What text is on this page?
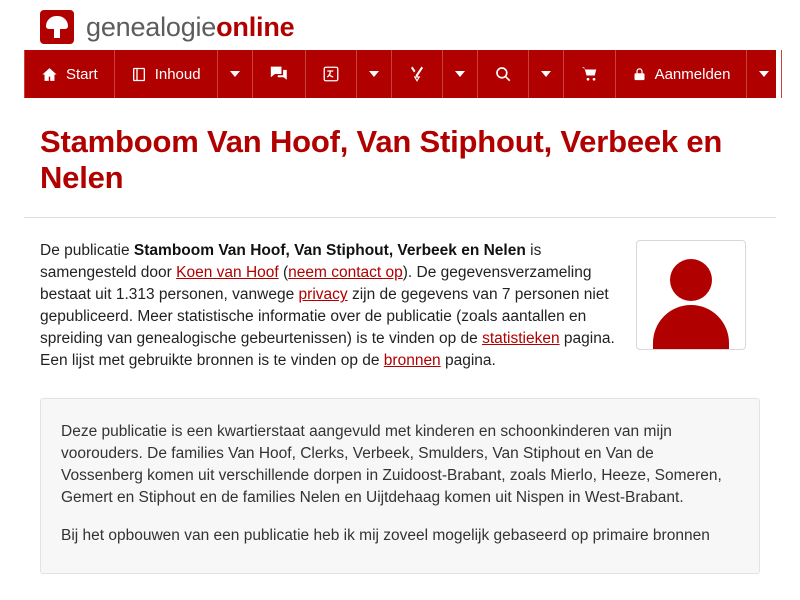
genealogieonline
Start	Inhoud	Aanmelden
Stamboom Van Hoof, Van Stiphout, Verbeek en Nelen
De publicatie Stamboom Van Hoof, Van Stiphout, Verbeek en Nelen is samengesteld door Koen van Hoof (neem contact op). De gegevensverzameling bestaat uit 1.313 personen, vanwege privacy zijn de gegevens van 7 personen niet gepubliceerd. Meer statistische informatie over de publicatie (zoals aantallen en spreiding van genealogische gebeurtenissen) is te vinden op de statistieken pagina. Een lijst met gebruikte bronnen is te vinden op de bronnen pagina.

Deze publicatie is een kwartierstaat aangevuld met kinderen en schoonkinderen van mijn voorouders. De families Van Hoof, Clerks, Verbeek, Smulders, Van Stiphout en Van de Vossenberg komen uit verschillende dorpen in Zuidoost-Brabant, zoals Mierlo, Heeze, Someren, Gemert en Stiphout en de families Nelen en Uijtdehaag komen uit Nispen in West-Brabant.

Bij het opbouwen van een publicatie heb ik mij zoveel mogelijk gebaseerd op primaire bronnen
